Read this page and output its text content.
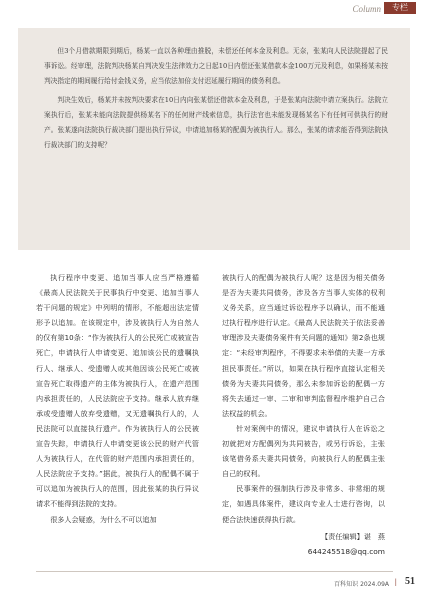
Column	专栏

但3个月借款期限到期后，杨某一直以各种理由推脱，未偿还任何本金及利息。无奈，张某向人民法院提起了民事诉讼。经审理，法院判决杨某自判决发生法律效力之日起10日内偿还张某借款本金100万元及利息，如果杨某未按判决指定的期间履行给付金钱义务，应当依法加倍支付迟延履行期间的债务利息。

判决生效后，杨某并未按判决要求在10日内向张某偿还借款本金及利息，于是张某向法院申请立案执行。法院立案执行后，张某未能向法院提供杨某名下的任何财产线索信息，执行法官也未能发现杨某名下有任何可供执行的财产。张某遂向法院执行裁决部门提出执行异议，申请追加杨某的配偶为被执行人。那么，张某的请求能否得到法院执行裁决部门的支持呢？

执行程序中变更、追加当事人应当严格遵循《最高人民法院关于民事执行中变更、追加当事人若干问题的规定》中列明的情形，不能超出法定情形予以追加。在该规定中，涉及被执行人为自然人的仅有第10条：“作为被执行人的公民死亡或被宣告死亡，申请执行人申请变更、追加该公民的遗嘱执行人、继承人、受遗赠人或其他因该公民死亡或被宣告死亡取得遗产的主体为被执行人，在遗产范围内承担责任的，人民法院应予支持。继承人放弃继承或受遗赠人放弃受遗赠，又无遗嘱执行人的，人民法院可以直接执行遗产。作为被执行人的公民被宣告失踪，申请执行人申请变更该公民的财产代管人为被执行人，在代管的财产范围内承担责任的，人民法院应予支持。”据此，被执行人的配偶不属于可以追加为被执行人的范围，因此张某的执行异议请求不能得到法院的支持。

很多人会疑惑，为什么不可以追加

被执行人的配偶为被执行人呢？这是因为相关债务是否为夫妻共同债务，涉及各方当事人实体的权利义务关系，应当通过诉讼程序予以确认，而不能通过执行程序进行认定。《最高人民法院关于依法妥善审理涉及夫妻债务案件有关问题的通知》第2条也规定：“未经审判程序，不得要求未举债的夫妻一方承担民事责任。”所以，如果在执行程序直接认定相关债务为夫妻共同债务，那么未参加诉讼的配偶一方将失去通过一审、二审和审判监督程序维护自己合法权益的机会。

针对案例中的情况，建议申请执行人在诉讼之初就把对方配偶列为共同被告，或另行诉讼，主张该笔借务系夫妻共同债务，向被执行人的配偶主张自己的权利。

民事案件的强制执行涉及非常多、非常细的规定，如遇具体案件，建议向专业人士进行咨询，以便合法快速获得执行款。

【责任编辑】谌　燕

644245518@qq.com

百科知识 2024.09A | 51
